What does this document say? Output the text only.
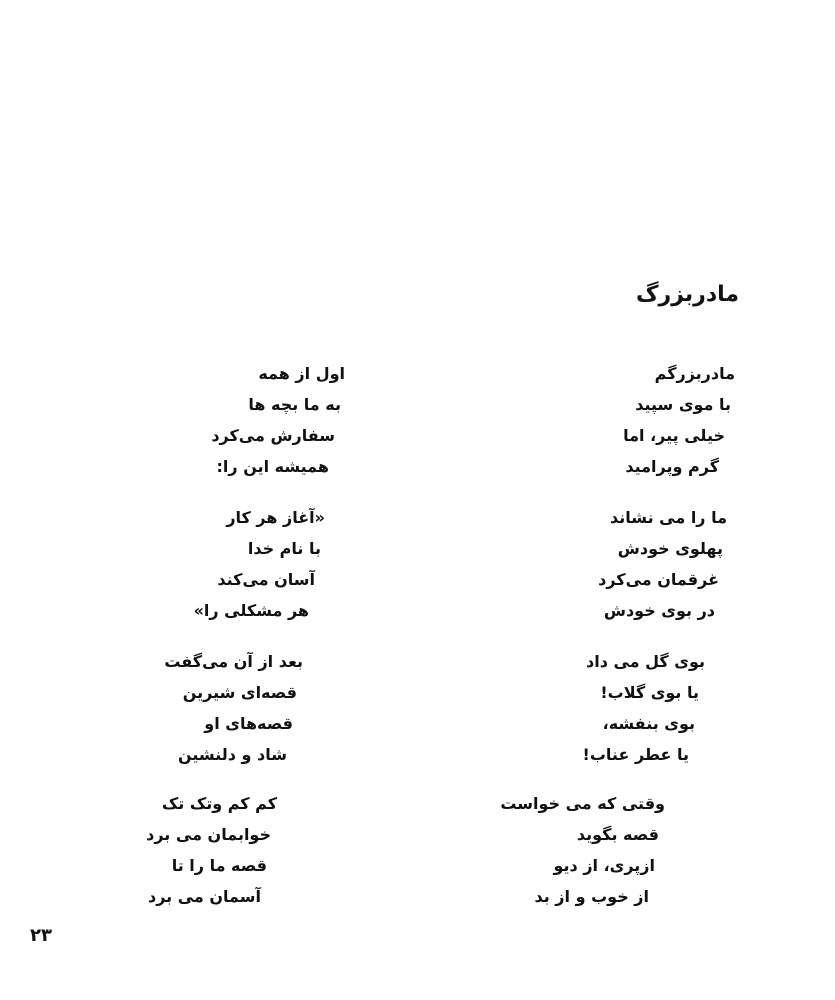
مادربزرگ
مادربزرگم
با موی سپید
خیلی پیر، اما
گرم وپرامید
ما را می نشاند
پهلوی خودش
غرقمان می‌کرد
در بوی خودش
بوی گل می داد
یا بوی گلاب!
بوی بنفشه،
یا عطر عناب!
وقتی که می خواست
قصه بگوید
ازپری، از دیو
از خوب و از بد
اول از همه
به ما بچه ها
سفارش می‌کرد
همیشه این را:
«آغاز هر کار
با نام خدا
آسان می‌کند
هر مشکلی را»
بعد از آن می‌گفت
قصه‌ای شیرین
قصه‌های او
شاد و دلنشین
کم کم وتک تک
خوابمان می برد
قصه ما را تا
آسمان می برد
۲۳
